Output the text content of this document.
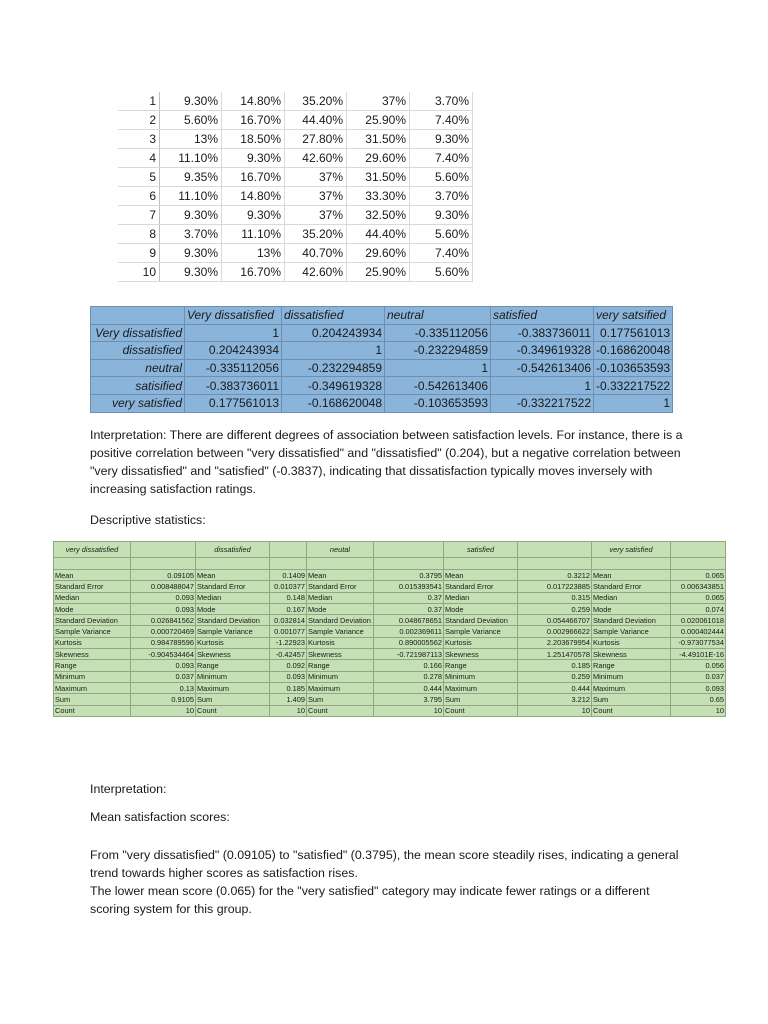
1	9.30%	14.80%	35.20%	37%	3.70%
2	5.60%	16.70%	44.40%	25.90%	7.40%
3	13%	18.50%	27.80%	31.50%	9.30%
4	11.10%	9.30%	42.60%	29.60%	7.40%
5	9.35%	16.70%	37%	31.50%	5.60%
6	11.10%	14.80%	37%	33.30%	3.70%
7	9.30%	9.30%	37%	32.50%	9.30%
8	3.70%	11.10%	35.20%	44.40%	5.60%
9	9.30%	13%	40.70%	29.60%	7.40%
10	9.30%	16.70%	42.60%	25.90%	5.60%
	Very dissatisfied	dissatisfied	neutral	satisfied	very satsified
Very dissatisfied	1	0.204243934	-0.335112056	-0.383736011	0.177561013
dissatisfied	0.204243934	1	-0.232294859	-0.349619328	-0.168620048
neutral	-0.335112056	-0.232294859	1	-0.542613406	-0.103653593
satisified	-0.383736011	-0.349619328	-0.542613406	1	-0.332217522
very satisfied	0.177561013	-0.168620048	-0.103653593	-0.332217522	1

Interpretation: There are different degrees of association between satisfaction levels. For instance, there is a positive correlation between "very dissatisfied" and "dissatisfied" (0.204), but a negative correlation between "very dissatisfied" and "satisfied" (-0.3837), indicating that dissatisfaction typically moves inversely with increasing satisfaction ratings.

Descriptive statistics:

very dissatisfied		dissatisfied		neutal		satisfied		very satisfied	

Mean	0.09105	Mean	0.1409	Mean	0.3795	Mean	0.3212	Mean	0.065
Standard Error	0.008488047	Standard Error	0.010377	Standard Error	0.015393541	Standard Error	0.017223885	Standard Error	0.006343851
Median	0.093	Median	0.148	Median	0.37	Median	0.315	Median	0.065
Mode	0.093	Mode	0.167	Mode	0.37	Mode	0.259	Mode	0.074
Standard Deviation	0.026841562	Standard Deviation	0.032814	Standard Deviation	0.048678651	Standard Deviation	0.054466707	Standard Deviation	0.020061018
Sample Variance	0.000720469	Sample Variance	0.001077	Sample Variance	0.002369611	Sample Variance	0.002966622	Sample Variance	0.000402444
Kurtosis	0.984789596	Kurtosis	-1.22923	Kurtosis	0.890005562	Kurtosis	2.203679954	Kurtosis	-0.973077534
Skewness	-0.904534464	Skewness	-0.42457	Skewness	-0.721987113	Skewness	1.251470578	Skewness	-4.49101E-16
Range	0.093	Range	0.092	Range	0.166	Range	0.185	Range	0.056
Minimum	0.037	Minimum	0.093	Minimum	0.278	Minimum	0.259	Minimum	0.037
Maximum	0.13	Maximum	0.185	Maximum	0.444	Maximum	0.444	Maximum	0.093
Sum	0.9105	Sum	1.409	Sum	3.795	Sum	3.212	Sum	0.65
Count	10	Count	10	Count	10	Count	10	Count	10

Interpretation:

Mean satisfaction scores:

From "very dissatisfied" (0.09105) to "satisfied" (0.3795), the mean score steadily rises, indicating a general trend towards higher scores as satisfaction rises.

The lower mean score (0.065) for the "very satisfied" category may indicate fewer ratings or a different scoring system for this group.
